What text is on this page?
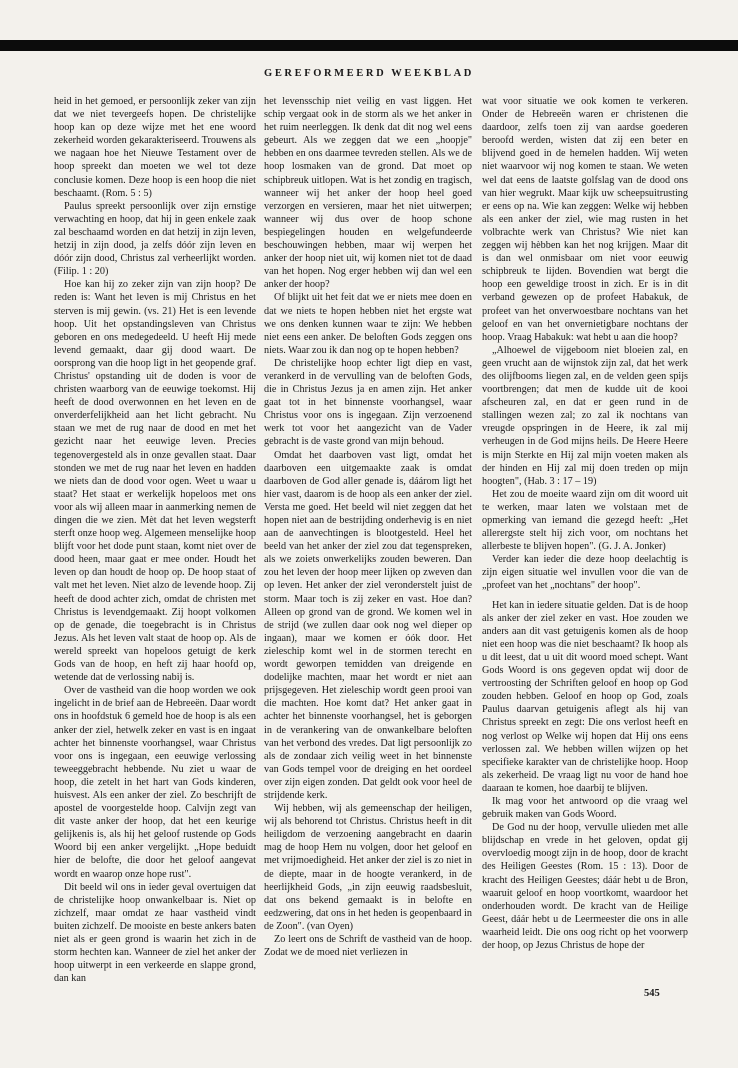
GEREFORMEERD WEEKBLAD

heid in het gemoed, er persoonlijk zeker van zijn dat we niet tevergeefs hopen. De christelijke hoop kan op deze wijze met het ene woord zekerheid worden gekarakteriseerd. Trouwens als we nagaan hoe het Nieuwe Testament over de hoop spreekt dan moeten we wel tot deze conclusie komen. Deze hoop is een hoop die niet beschaamt. (Rom. 5 : 5)

Paulus spreekt persoonlijk over zijn ernstige verwachting en hoop, dat hij in geen enkele zaak zal beschaamd worden en dat hetzij in zijn leven, hetzij in zijn dood, ja zelfs dóór zijn leven en dóór zijn dood, Christus zal verheerlijkt worden. (Filip. 1 : 20)

Hoe kan hij zo zeker zijn van zijn hoop? De reden is: Want het leven is mij Christus en het sterven is mij gewin. (vs. 21) Het is een levende hoop. Uit het opstandingsleven van Christus geboren en ons medegedeeld. U heeft Hij mede levend gemaakt, daar gij dood waart. De oorsprong van die hoop ligt in het geopende graf. Christus' opstanding uit de doden is voor de christen waarborg van de eeuwige toekomst. Hij heeft de dood overwonnen en het leven en de onverderfelijkheid aan het licht gebracht. Nu staan we met de rug naar de dood en met het gezicht naar het eeuwige leven. Precies tegenovergesteld als in onze gevallen staat. Daar stonden we met de rug naar het leven en hadden we niets dan de dood voor ogen. Weet u waar u staat? Het staat er werkelijk hopeloos met ons voor als wij alleen maar in aanmerking nemen de dingen die we zien. Mèt dat het leven wegsterft sterft onze hoop weg. Algemeen menselijke hoop blijft voor het dode punt staan, komt niet over de dood heen, maar gaat er mee onder. Houdt het leven op dan houdt de hoop op. De hoop staat of valt met het leven. Niet alzo de levende hoop. Zij heeft de dood achter zich, omdat de christen met Christus is levendgemaakt. Zij hoopt volkomen op de genade, die toegebracht is in Christus Jezus. Als het leven valt staat de hoop op. Als de wereld spreekt van hopeloos getuigt de kerk Gods van de hoop, en heft zij haar hoofd op, wetende dat de verlossing nabij is.

Over de vastheid van die hoop worden we ook ingelicht in de brief aan de Hebreeën. Daar wordt ons in hoofdstuk 6 gemeld hoe de hoop is als een anker der ziel, hetwelk zeker en vast is en ingaat achter het binnenste voorhangsel, waar Christus voor ons is ingegaan, een eeuwige verlossing teweeggebracht hebbende. Nu ziet u waar de hoop, die zetelt in het hart van Gods kinderen, huisvest. Als een anker der ziel. Zo beschrijft de apostel de voorgestelde hoop. Calvijn zegt van dit vaste anker der hoop, dat het een keurige gelijkenis is, als hij het geloof rustende op Gods Woord bij een anker vergelijkt. „Hope beduidt hier de belofte, die door het geloof aangevat wordt en waarop onze hope rust".

Dit beeld wil ons in ieder geval overtuigen dat de christelijke hoop onwankelbaar is. Niet op zichzelf, maar omdat ze haar vastheid vindt buiten zichzelf. De mooiste en beste ankers baten niet als er geen grond is waarin het zich in de storm hechten kan. Wanneer de ziel het anker der hoop uitwerpt in een verkeerde en slappe grond, dan kan

het levensschip niet veilig en vast liggen. Het schip vergaat ook in de storm als we het anker in het ruim neerleggen. Ik denk dat dit nog wel eens gebeurt. Als we zeggen dat we een „hoopje" hebben en ons daarmee tevreden stellen. Als we de hoop losmaken van de grond. Dat moet op schipbreuk uitlopen. Wat is het zondig en tragisch, wanneer wij het anker der hoop heel goed verzorgen en versieren, maar het niet uitwerpen; wanneer wij dus over de hoop schone bespiegelingen houden en welgefundeerde beschouwingen hebben, maar wij werpen het anker der hoop niet uit, wij komen niet tot de daad van het hopen. Nog erger hebben wij dan wel een anker der hoop?

Of blijkt uit het feit dat we er niets mee doen en dat we niets te hopen hebben niet het ergste wat we ons denken kunnen waar te zijn: We hebben niet eens een anker. De beloften Gods zeggen ons niets. Waar zou ik dan nog op te hopen hebben?

De christelijke hoop echter ligt diep en vast, verankerd in de vervulling van de beloften Gods, die in Christus Jezus ja en amen zijn. Het anker gaat tot in het binnenste voorhangsel, waar Christus voor ons is ingegaan. Zijn verzoenend werk tot voor het aangezicht van de Vader gebracht is de vaste grond van mijn behoud.

Omdat het daarboven vast ligt, omdat het daarboven een uitgemaakte zaak is omdat daarboven de God aller genade is, dáárom ligt het hier vast, daarom is de hoop als een anker der ziel. Versta me goed. Het beeld wil niet zeggen dat het hopen niet aan de bestrijding onderhevig is en niet aan de aanvechtingen is blootgesteld. Heel het beeld van het anker der ziel zou dat tegenspreken, als we zoiets onwerkelijks zouden beweren. Dan zou het leven der hoop meer lijken op zweven dan op leven. Het anker der ziel veronderstelt juist de storm. Maar toch is zij zeker en vast. Hoe dan? Alleen op grond van de grond. We komen wel in de strijd (we zullen daar ook nog wel dieper op ingaan), maar we komen er óók door. Het zieleschip komt wel in de stormen terecht en wordt geworpen temidden van dreigende en dodelijke machten, maar het wordt er niet aan prijsgegeven. Het zieleschip wordt geen prooi van die machten. Hoe komt dat? Het anker gaat in achter het binnenste voorhangsel, het is geborgen in de verankering van de onwankelbare beloften van het verbond des vredes. Dat ligt persoonlijk zo als de zondaar zich veilig weet in het binnenste van Gods tempel voor de dreiging en het oordeel over zijn eigen zonden. Dat geldt ook voor heel de strijdende kerk.

Wij hebben, wij als gemeenschap der heiligen, wij als behorend tot Christus. Christus heeft in dit heiligdom de verzoening aangebracht en daarin mag de hoop Hem nu volgen, door het geloof en met vrijmoedigheid. Het anker der ziel is zo niet in de diepte, maar in de hoogte verankerd, in de heerlijkheid Gods, „in zijn eeuwig raadsbesluit, dat ons bekend gemaakt is in belofte en eedzwering, dat ons in het heden is geopenbaard in de Zoon". (van Oyen)

Zo leert ons de Schrift de vastheid van de hoop. Zodat we de moed niet verliezen in

wat voor situatie we ook komen te verkeren. Onder de Hebreeën waren er christenen die daardoor, zelfs toen zij van aardse goederen beroofd werden, wisten dat zij een beter en blijvend goed in de hemelen hadden. Wij weten niet waarvoor wij nog komen te staan. We weten wel dat eens de laatste golfslag van de dood ons van hier wegrukt. Maar kijk uw scheepsuitrusting er eens op na. Wie kan zeggen: Welke wij hebben als een anker der ziel, wie mag rusten in het volbrachte werk van Christus? Wie niet kan zeggen wij hèbben kan het nog krijgen. Maar dit is dan wel onmisbaar om niet voor eeuwig schipbreuk te lijden. Bovendien wat bergt die hoop een geweldige troost in zich. Er is in dit verband gewezen op de profeet Habakuk, de profeet van het onverwoestbare nochtans van het geloof en van het onvernietigbare nochtans der hoop. Vraag Habakuk: wat hebt u aan die hoop?

„Alhoewel de vijgeboom niet bloeien zal, en geen vrucht aan de wijnstok zijn zal, dat het werk des olijfbooms liegen zal, en de velden geen spijs voortbrengen; dat men de kudde uit de kooi afscheuren zal, en dat er geen rund in de stallingen wezen zal; zo zal ik nochtans van vreugde opspringen in de Heere, ik zal mij verheugen in de God mijns heils. De Heere Heere is mijn Sterkte en Hij zal mijn voeten maken als der hinden en Hij zal mij doen treden op mijn hoogten", (Hab. 3 : 17 – 19)

Het zou de moeite waard zijn om dit woord uit te werken, maar laten we volstaan met de opmerking van iemand die gezegd heeft: „Het allerergste stelt hij zich voor, om nochtans het allerbeste te blijven hopen". (G. J. A. Jonker)

Verder kan ieder die deze hoop deelachtig is zijn eigen situatie wel invullen voor die van de „profeet van het „nochtans" der hoop".

Het kan in iedere situatie gelden. Dat is de hoop als anker der ziel zeker en vast. Hoe zouden we anders aan dit vast getuigenis komen als de hoop niet een hoop was die niet beschaamt? Ik hoop als u dit leest, dat u uit dit woord moed schept. Want Gods Woord is ons gegeven opdat wij door de vertroosting der Schriften geloof en hoop op God zouden hebben. Geloof en hoop op God, zoals Paulus daarvan getuigenis aflegt als hij van Christus spreekt en zegt: Die ons verlost heeft en nog verlost op Welke wij hopen dat Hij ons eens verlossen zal. We hebben willen wijzen op het specifieke karakter van de christelijke hoop. Hoop als zekerheid. De vraag ligt nu voor de hand hoe daaraan te komen, hoe daarbij te blijven.

Ik mag voor het antwoord op die vraag wel gebruik maken van Gods Woord.

De God nu der hoop, vervulle ulieden met alle blijdschap en vrede in het geloven, opdat gij overvloedig moogt zijn in de hoop, door de kracht des Heiligen Geestes (Rom. 15 : 13). Door de kracht des Heiligen Geestes; dáár hebt u de Bron, waaruit geloof en hoop voortkomt, waardoor het onderhouden wordt. De kracht van de Heilige Geest, dáár hebt u de Leermeester die ons in alle waarheid leidt. Die ons oog richt op het voorwerp der hoop, op Jezus Christus de hope der

545
